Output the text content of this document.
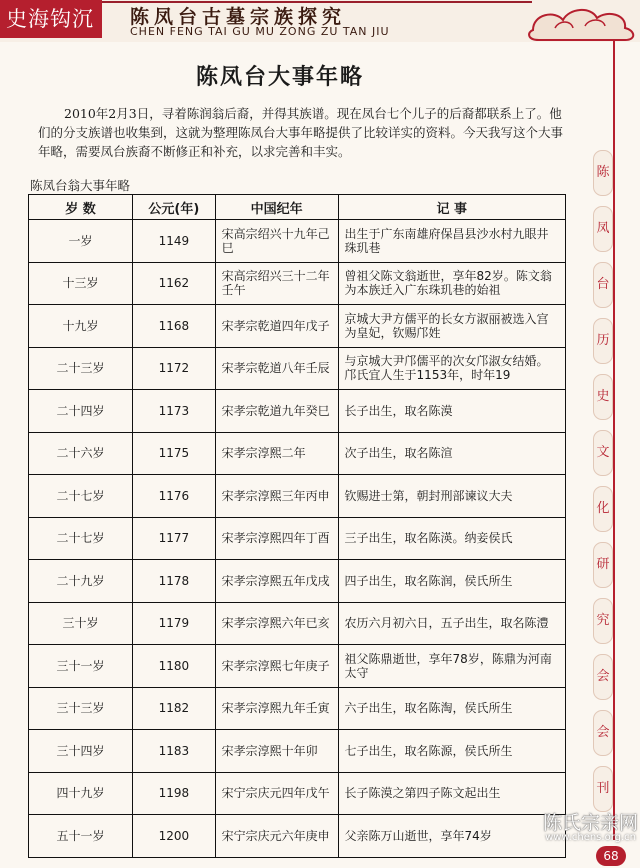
史海钩沉	陈凤台古墓宗族探究
CHEN FENG TAI GU MU ZONG ZU TAN JIU
陈
凤
台
历
史
文
化
研
究
会
会
刊
陈凤台大事年略
2010年2月3日，寻着陈润翁后裔，并得其族谱。现在凤台七个儿子的后裔都联系上了。他们的分支族谱也收集到，这就为整理陈凤台大事年略提供了比较详实的资料。今天我写这个大事年略，需要凤台族裔不断修正和补充，以求完善和丰实。
陈凤台翁大事年略
岁 数	公元(年)	中国纪年	记 事
一岁	1149	宋高宗绍兴十九年己巳	出生于广东南雄府保昌县沙水村九眼井珠玑巷
十三岁	1162	宋高宗绍兴三十二年壬午	曾祖父陈文翁逝世，享年82岁。陈文翁为本族迁入广东珠玑巷的始祖
十九岁	1168	宋孝宗乾道四年戊子	京城大尹方儒平的长女方淑丽被选入宫为皇妃，钦赐邝姓
二十三岁	1172	宋孝宗乾道八年壬辰	与京城大尹邝儒平的次女邝淑女结婚。邝氏宜人生于1153年，时年19
二十四岁	1173	宋孝宗乾道九年癸巳	长子出生，取名陈漠
二十六岁	1175	宋孝宗淳熙二年	次子出生，取名陈渲
二十七岁	1176	宋孝宗淳熙三年丙申	钦赐进士第，朝封刑部谏议大夫
二十七岁	1177	宋孝宗淳熙四年丁酉	三子出生，取名陈渶。纳妾侯氏
二十九岁	1178	宋孝宗淳熙五年戊戌	四子出生，取名陈润，侯氏所生
三十岁	1179	宋孝宗淳熙六年已亥	农历六月初六日，五子出生，取名陈澧
三十一岁	1180	宋孝宗淳熙七年庚子	祖父陈鼎逝世，享年78岁，陈鼎为河南太守
三十三岁	1182	宋孝宗淳熙九年壬寅	六子出生，取名陈淘，侯氏所生
三十四岁	1183	宋孝宗淳熙十年卯	七子出生，取名陈源，侯氏所生
四十九岁	1198	宋宁宗庆元四年戊午	长子陈漠之第四子陈文起出生
五十一岁	1200	宋宁宗庆元六年庚申	父亲陈万山逝世，享年74岁
陈氏宗亲网
www.chens.org.cn
68
